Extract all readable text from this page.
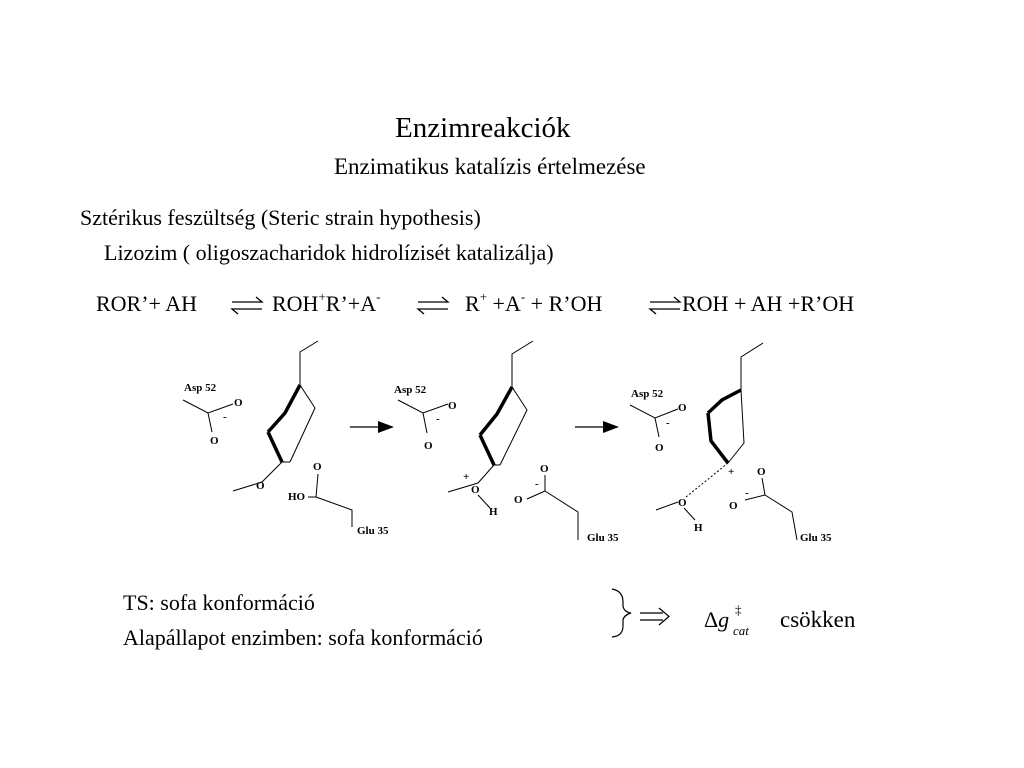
Enzimreakciók
Enzimatikus katalízis értelmezése
Sztérikus feszültség (Steric strain hypothesis)
Lizozim ( oligoszacharidok hidrolízisét katalizálja)
ROR’+ AH	ROH+R’+A-	R+ +A- + R’OH	ROH + AH +R’OH
Asp 52
O
-
O
O
O
HO
Glu 35
Asp 52
O
-
O
+
O
H
O
-
O
Glu 35
Asp 52
O
-
O
+
O
H
O
-
O
Glu 35
TS: sofa konformáció
Alapállapot enzimben: sofa konformáció
Δg ‡
cat csökken
